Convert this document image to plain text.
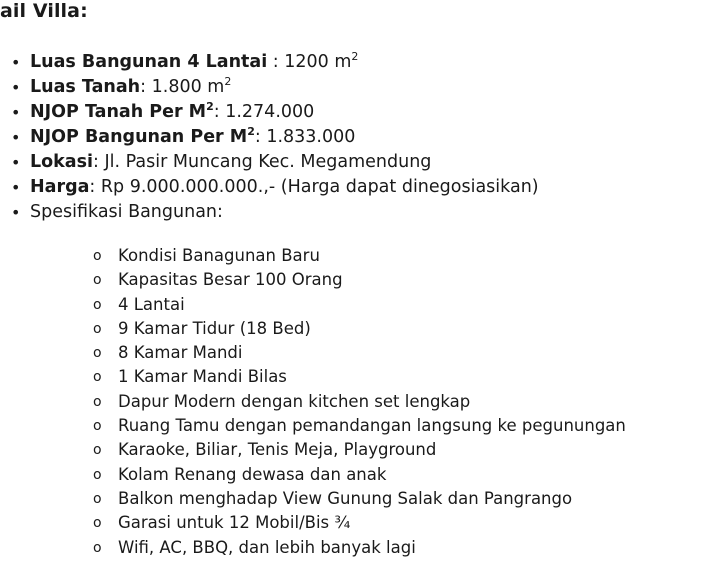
ail Villa:
• Luas Bangunan 4 Lantai : 1200 $m^2$
• Luas Tanah: 1.800 $m^2$
• NJOP Tanah Per $M^2$: 1.274.000
• NJOP Bangunan Per $M^2$: 1.833.000
• Lokasi: Jl. Pasir Muncang Kec. Megamendung
• Harga: Rp 9.000.000.000.,- (Harga dapat dinegosiasikan)
• Spesifikasi Bangunan:
o Kondisi Banagunan Baru
o Kapasitas Besar 100 Orang
o 4 Lantai
o 9 Kamar Tidur (18 Bed)
o 8 Kamar Mandi
o 1 Kamar Mandi Bilas
o Dapur Modern dengan kitchen set lengkap
o Ruang Tamu dengan pemandangan langsung ke pegunungan
o Karaoke, Biliar, Tenis Meja, Playground
o Kolam Renang dewasa dan anak
o Balkon menghadap View Gunung Salak dan Pangrango
o Garasi untuk 12 Mobil/Bis ¾
o Wifi, AC, BBQ, dan lebih banyak lagi
